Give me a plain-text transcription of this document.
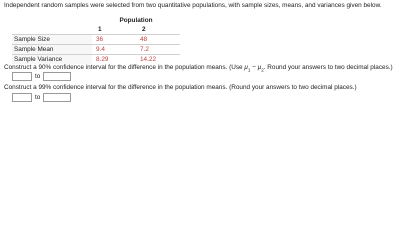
Independent random samples were selected from two quantitative populations, with sample sizes, means, and variances given below.
	Population	
	1	2
Sample Size	36	48
Sample Mean	9.4	7.2
Sample Variance	8.29	14.22
Construct a 90% confidence interval for the difference in the population means. (Use $\mu_1 - \mu_2$. Round your answers to two decimal places.)
to
Construct a 99% confidence interval for the difference in the population means. (Round your answers to two decimal places.)
to
